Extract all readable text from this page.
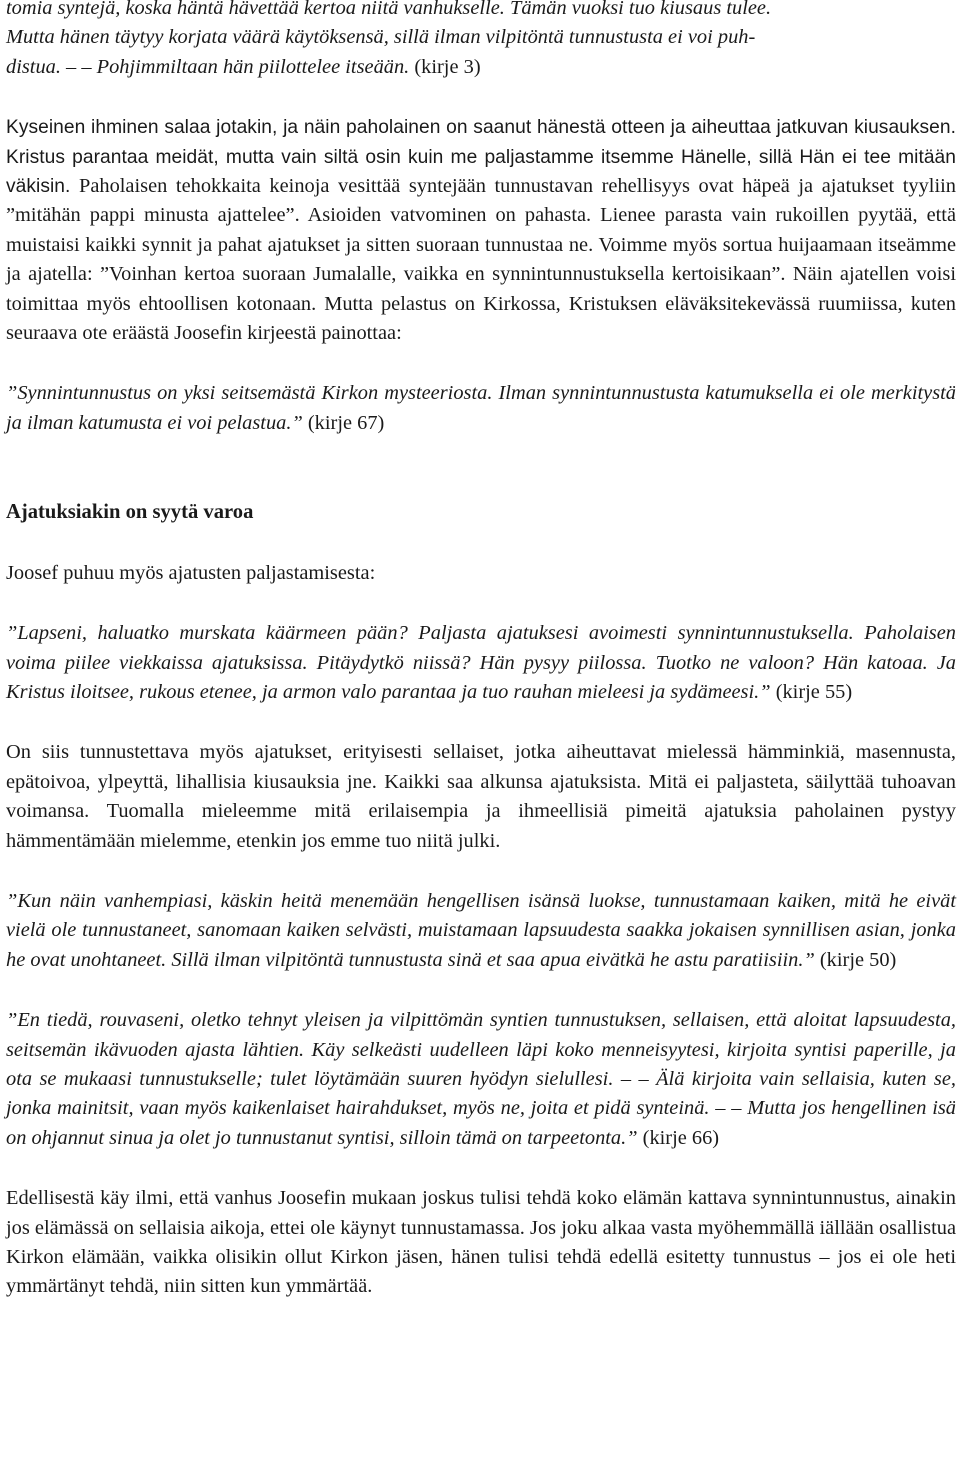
tomia syntejä, koska häntä hävettää kertoa niitä vanhukselle. Tämän vuoksi tuo kiusaus tulee.
Mutta hänen täytyy korjata väärä käytöksensä, sillä ilman vilpitöntä tunnustusta ei voi puh-
distua. – – Pohjimmiltaan hän piilottelee itseään. (kirje 3)

Kyseinen ihminen salaa jotakin, ja näin paholainen on saanut hänestä otteen ja aiheuttaa jatkuvan kiusauksen. Kristus parantaa meidät, mutta vain siltä osin kuin me paljastamme itsemme Hänelle, sillä Hän ei tee mitään väkisin. Paholaisen tehokkaita keinoja vesittää syntejään tunnustavan rehellisyys ovat häpeä ja ajatukset tyyliin ”mitähän pappi minusta ajattelee”. Asioiden vatvominen on pahasta. Lienee parasta vain rukoillen pyytää, että muistaisi kaikki synnit ja pahat ajatukset ja sitten suoraan tunnustaa ne. Voimme myös sortua huijaamaan itseämme ja ajatella: ”Voinhan kertoa suoraan Jumalalle, vaikka en synnintunnustuksella kertoisikaan”. Näin ajatellen voisi toimittaa myös ehtoollisen kotonaan. Mutta pelastus on Kirkossa, Kristuksen eläväksitekevässä ruumiissa, kuten seuraava ote eräästä Joosefin kirjeestä painottaa:

”Synnintunnustus on yksi seitsemästä Kirkon mysteeriosta. Ilman synnintunnustusta katumuksella ei ole merkitystä ja ilman katumusta ei voi pelastua.” (kirje 67)

Ajatuksiakin on syytä varoa

Joosef puhuu myös ajatusten paljastamisesta:

”Lapseni, haluatko murskata käärmeen pään? Paljasta ajatuksesi avoimesti synnintunnustuksella. Paholaisen voima piilee viekkaissa ajatuksissa. Pitäydytkö niissä? Hän pysyy piilossa. Tuotko ne valoon? Hän katoaa. Ja Kristus iloitsee, rukous etenee, ja armon valo parantaa ja tuo rauhan mieleesi ja sydämeesi.” (kirje 55)

On siis tunnustettava myös ajatukset, erityisesti sellaiset, jotka aiheuttavat mielessä hämminkiä, masennusta, epätoivoa, ylpeyttä, lihallisia kiusauksia jne. Kaikki saa alkunsa ajatuksista. Mitä ei paljasteta, säilyttää tuhoavan voimansa. Tuomalla mieleemme mitä erilaisempia ja ihmeellisiä pimeitä ajatuksia paholainen pystyy hämmentämään mielemme, etenkin jos emme tuo niitä julki.

”Kun näin vanhempiasi, käskin heitä menemään hengellisen isänsä luokse, tunnustamaan kaiken, mitä he eivät vielä ole tunnustaneet, sanomaan kaiken selvästi, muistamaan lapsuudesta saakka jokaisen synnillisen asian, jonka he ovat unohtaneet. Sillä ilman vilpitöntä tunnustusta sinä et saa apua eivätkä he astu paratiisiin.” (kirje 50)

”En tiedä, rouvaseni, oletko tehnyt yleisen ja vilpittömän syntien tunnustuksen, sellaisen, että aloitat lapsuudesta, seitsemän ikävuoden ajasta lähtien. Käy selkeästi uudelleen läpi koko menneisyytesi, kirjoita syntisi paperille, ja ota se mukaasi tunnustukselle; tulet löytämään suuren hyödyn sielullesi. – – Älä kirjoita vain sellaisia, kuten se, jonka mainitsit, vaan myös kaikenlaiset hairahdukset, myös ne, joita et pidä synteinä. – – Mutta jos hengellinen isä on ohjannut sinua ja olet jo tunnustanut syntisi, silloin tämä on tarpeetonta.” (kirje 66)

Edellisestä käy ilmi, että vanhus Joosefin mukaan joskus tulisi tehdä koko elämän kattava synnintunnustus, ainakin jos elämässä on sellaisia aikoja, ettei ole käynyt tunnustamassa. Jos joku alkaa vasta myöhemmällä iällään osallistua Kirkon elämään, vaikka olisikin ollut Kirkon jäsen, hänen tulisi tehdä edellä esitetty tunnustus – jos ei ole heti ymmärtänyt tehdä, niin sitten kun ymmärtää.
